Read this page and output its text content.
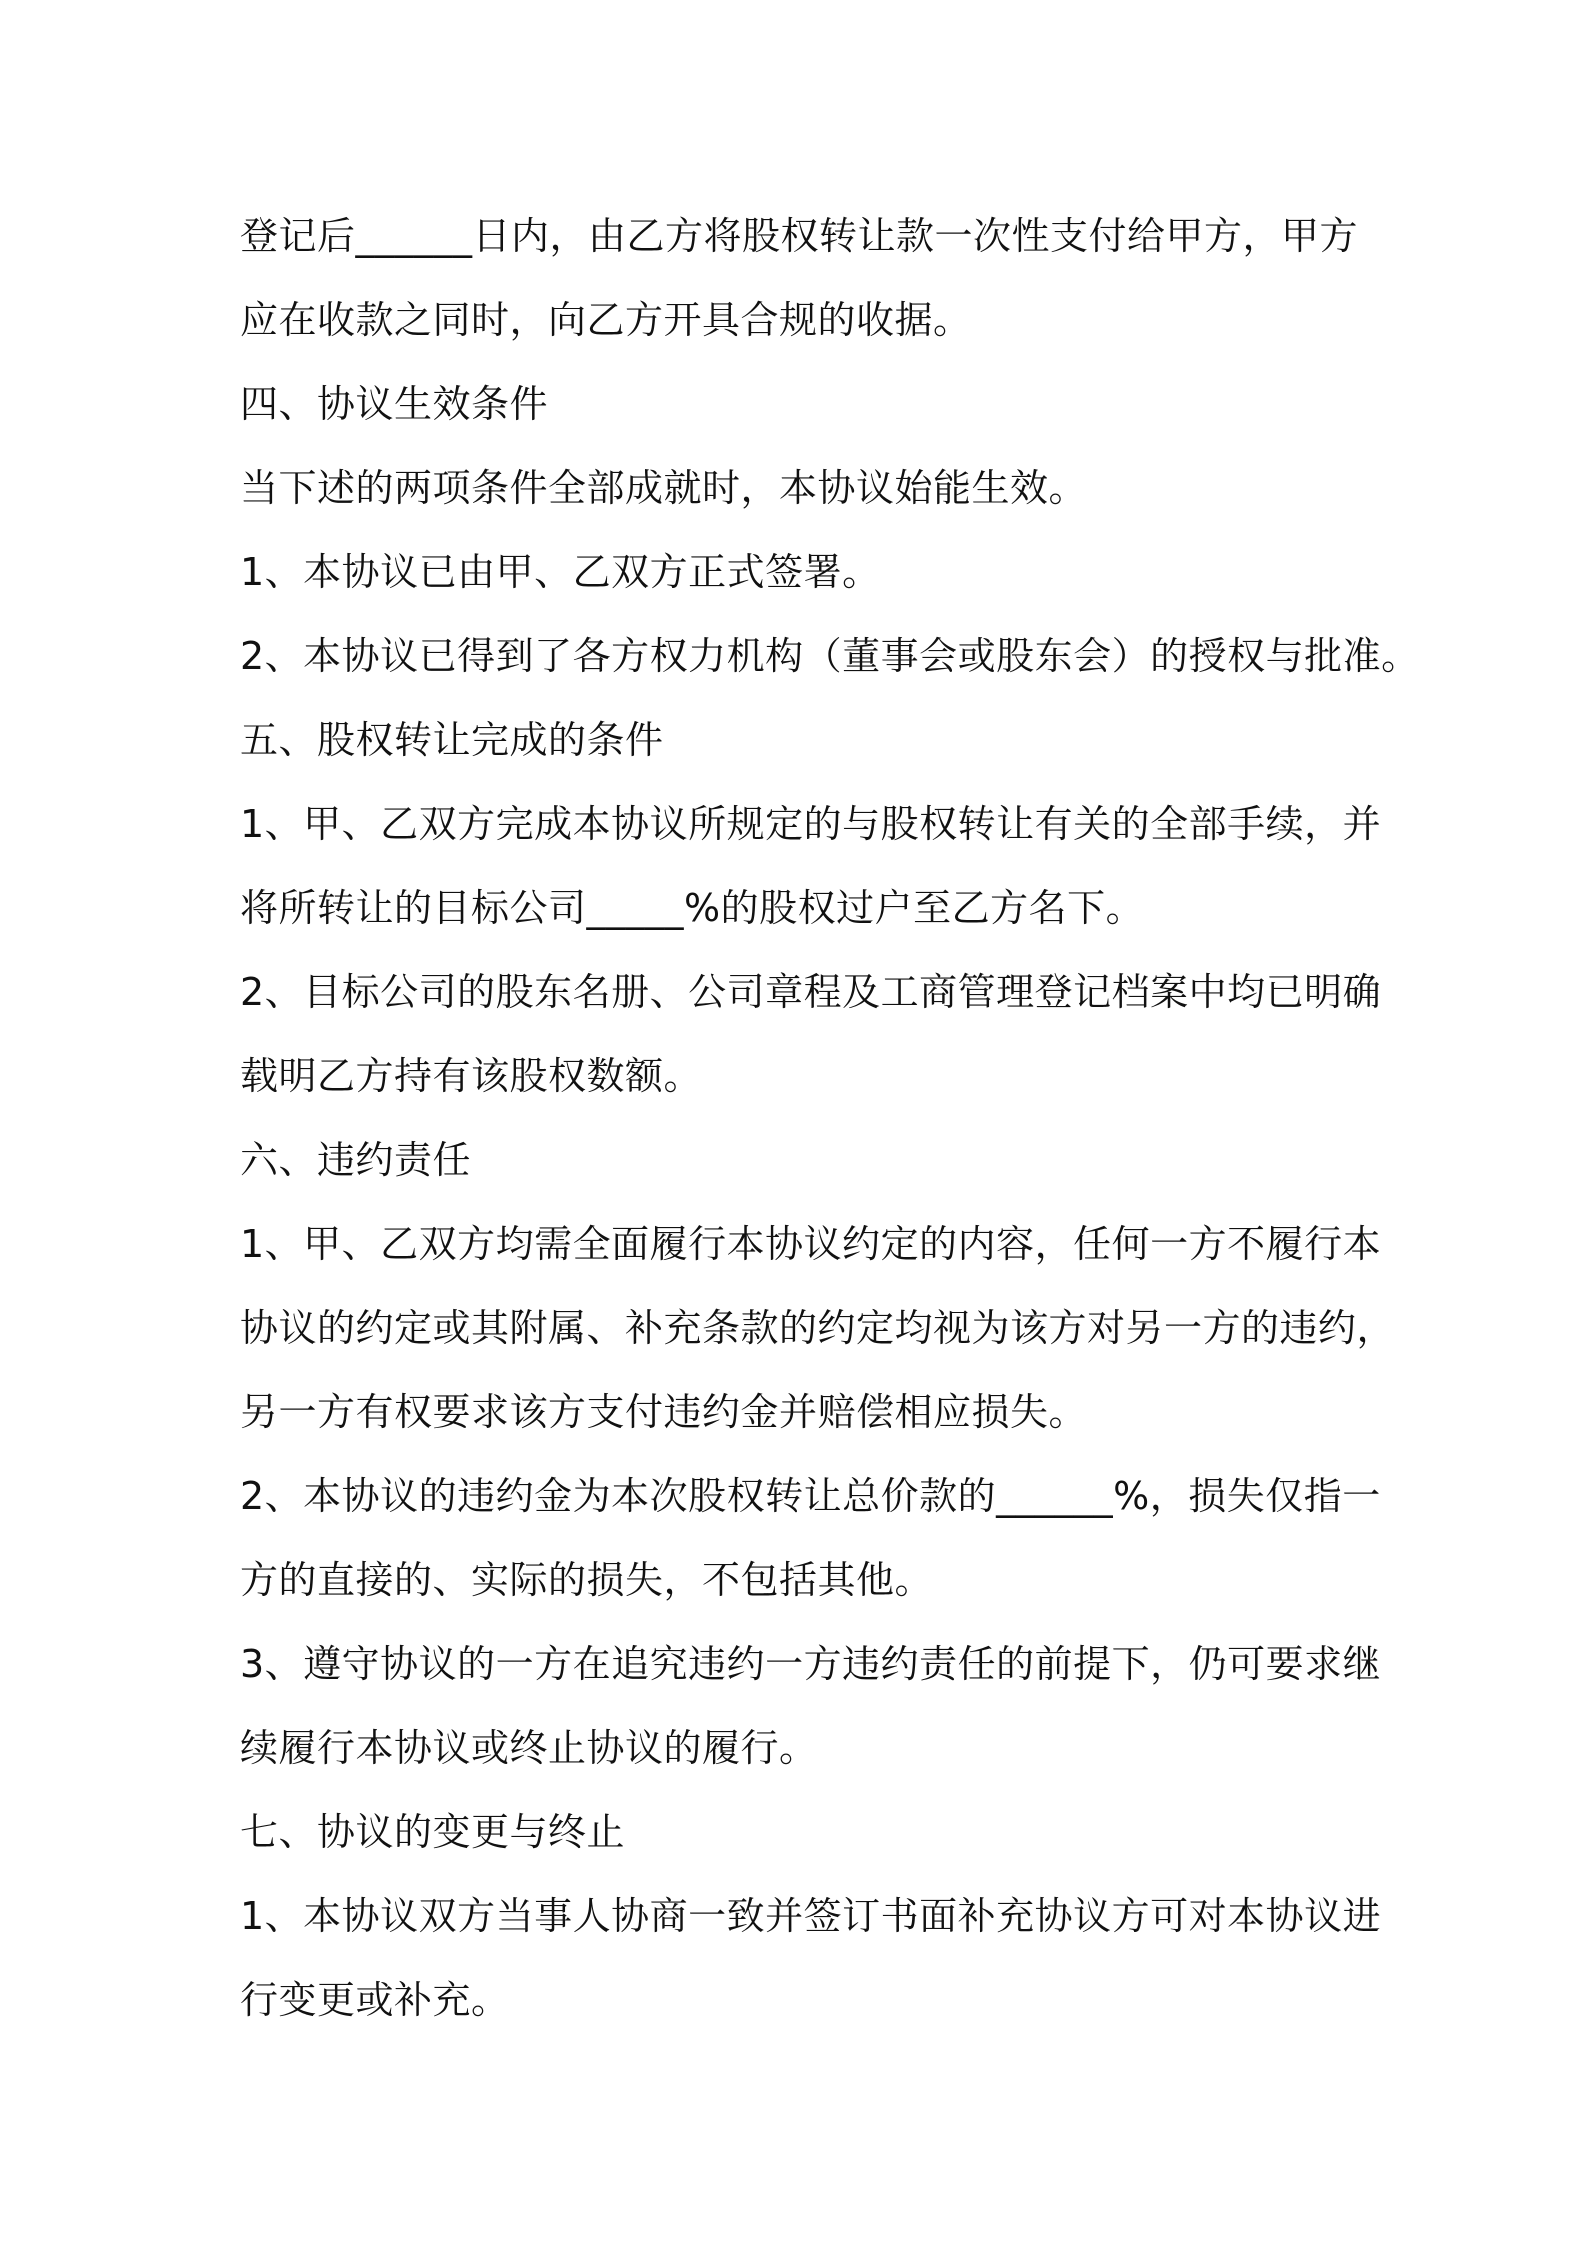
登记后______日内，由乙方将股权转让款一次性支付给甲方，甲方
应在收款之同时，向乙方开具合规的收据。
四、协议生效条件
当下述的两项条件全部成就时，本协议始能生效。
1、本协议已由甲、乙双方正式签署。
2、本协议已得到了各方权力机构（董事会或股东会）的授权与批准。
五、股权转让完成的条件
1、甲、乙双方完成本协议所规定的与股权转让有关的全部手续，并
将所转让的目标公司_____%的股权过户至乙方名下。
2、目标公司的股东名册、公司章程及工商管理登记档案中均已明确
载明乙方持有该股权数额。
六、违约责任
1、甲、乙双方均需全面履行本协议约定的内容，任何一方不履行本
协议的约定或其附属、补充条款的约定均视为该方对另一方的违约，
另一方有权要求该方支付违约金并赔偿相应损失。
2、本协议的违约金为本次股权转让总价款的______%，损失仅指一
方的直接的、实际的损失，不包括其他。
3、遵守协议的一方在追究违约一方违约责任的前提下，仍可要求继
续履行本协议或终止协议的履行。
七、协议的变更与终止
1、本协议双方当事人协商一致并签订书面补充协议方可对本协议进
行变更或补充。
